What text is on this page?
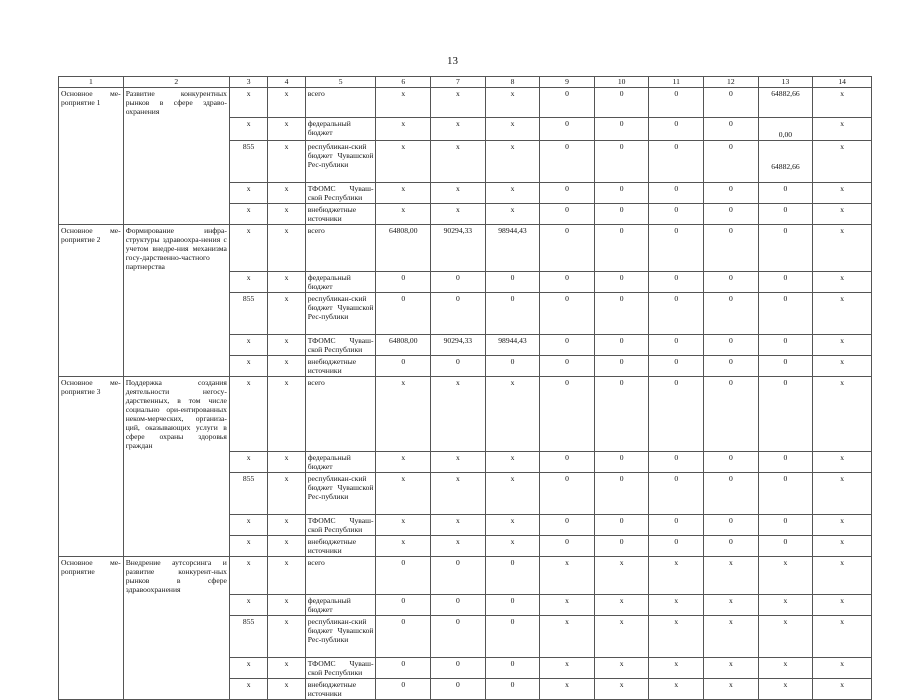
13
1	2	3	4	5	6	7	8	9	10	11	12	13	14
Основное ме-роприятие 1	Развитие конкурентных рынков в сфере здраво-охранения	x	x	всего	x	x	x	0	0	0	0	64882,66	x
		x	x	федеральный бюджет	x	x	x	0	0	0	0	0,00	x
		855	x	республикан-ский бюджет Чувашской Рес-публики	x	x	x	0	0	0	0	64882,66	x
		x	x	ТФОМС Чуваш-ской Республики	x	x	x	0	0	0	0	0	x
		x	x	внебюджетные источники	x	x	x	0	0	0	0	0	x
Основное ме-роприятие 2	Формирование инфра-структуры здравоохра-нения с учетом внедре-ния механизма госу-дарственно-частного партнерства	x	x	всего	64808,00	90294,33	98944,43	0	0	0	0	0	x
		x	x	федеральный бюджет	0	0	0	0	0	0	0	0	x
		855	x	республикан-ский бюджет Чувашской Рес-публики	0	0	0	0	0	0	0	0	x
		x	x	ТФОМС Чуваш-ской Республики	64808,00	90294,33	98944,43	0	0	0	0	0	x
		x	x	внебюджетные источники	0	0	0	0	0	0	0	0	x
Основное ме-роприятие 3	Поддержка создания деятельности негосу-дарственных, в том числе социально ори-ентированных неком-мерческих, организа-ций, оказывающих услуги в сфере охраны здоровья граждан	x	x	всего	x	x	x	0	0	0	0	0	x
		x	x	федеральный бюджет	x	x	x	0	0	0	0	0	x
		855	x	республикан-ский бюджет Чувашской Рес-публики	x	x	x	0	0	0	0	0	x
		x	x	ТФОМС Чуваш-ской Республики	x	x	x	0	0	0	0	0	x
		x	x	внебюджетные источники	x	x	x	0	0	0	0	0	x
Основное ме-роприятие	Внедрение аутсорсинга и развитие конкурент-ных рынков в сфере здравоохранения	x	x	всего	0	0	0	x	x	x	x	x	x
		x	x	федеральный бюджет	0	0	0	x	x	x	x	x	x
		855	x	республикан-ский бюджет Чувашской Рес-публики	0	0	0	x	x	x	x	x	x
		x	x	ТФОМС Чуваш-ской Республики	0	0	0	x	x	x	x	x	x
		x	x	внебюджетные источники	0	0	0	x	x	x	x	x	x
